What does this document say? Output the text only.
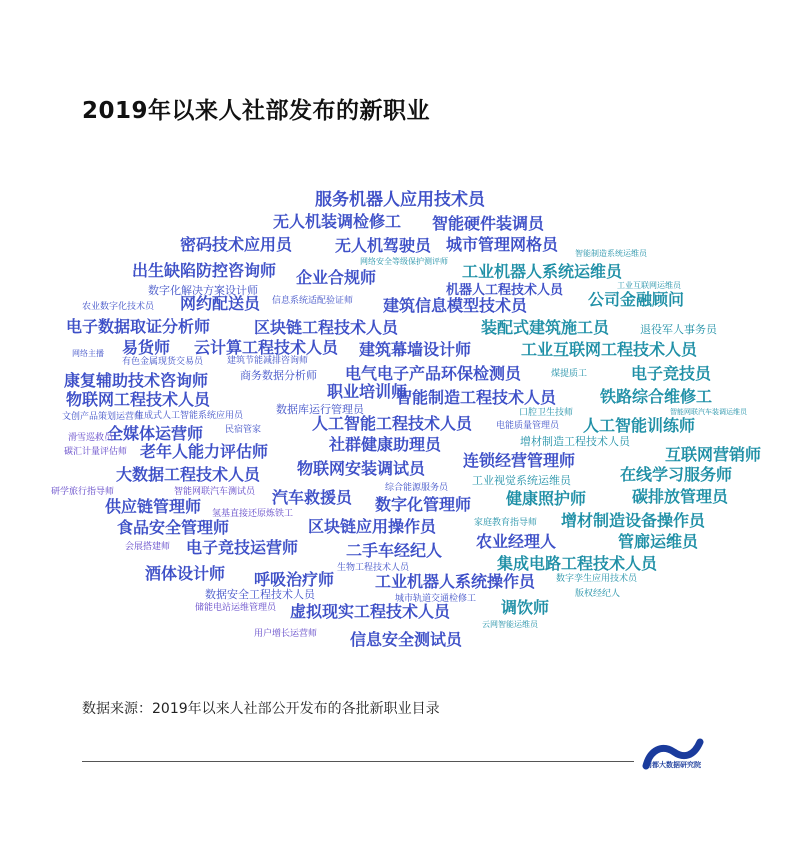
2019年以来人社部发布的新职业
服务机器人应用技术员
无人机装调检修工 智能硬件装调员
密码技术应用员	无人机驾驶员 城市管理网格员 智能制造系统运维员
出生缺陷防控咨询师	网络安全等级保护测评师
企业合规师	工业机器人系统运维员
数字化解决方案设计师	工业互联网运维员
机器人工程技术人员 公司金融顾问
农业数字化技术员 网约配送员 信息系统适配验证师 建筑信息模型技术员
电子数据取证分析师	区块链工程技术人员	装配式建筑施工员	退役军人事务员
易货师 云计算工程技术人员 建筑幕墙设计师	工业互联网工程技术人员
网络主播
有色金属现货交易员	建筑节能减排咨询师
康复辅助技术咨询师	商务数据分析师 电气电子产品环保检测员	煤提质工	电子竞技员
职业培训师
物联网工程技术人员
数据库运行管理员
智能制造工程技术人员	铁路综合维修工
文创产品策划运营师
生成式人工智能系统应用员	口腔卫生技师	智能网联汽车装调运维员
人工智能工程技术人员	电能质量管理员 人工智能训练师
全媒体运营师 民宿管家
滑雪巡救员	社群健康助理员	增材制造工程技术人员
碳汇计量评估师 老年人能力评估师	连锁经营管理师	互联网营销师
大数据工程技术人员 物联网安装调试员
工业视觉系统运维员	在线学习服务师
综合能源服务员
研学旅行指导师	智能网联汽车测试员 汽车救援员	健康照护师	碳排放管理员
供应链管理师	数字化管理师
氢基直接还原炼铁工
食品安全管理师	区块链应用操作员	家庭教育指导师 增材制造设备操作员
农业经理人
会展搭建师 电子竞技运营师	管廊运维员
二手车经纪人
集成电路工程技术人员
生物工程技术人员
酒体设计师 呼吸治疗师	工业机器人系统操作员 数字孪生应用技术员
数据安全工程技术人员	城市轨道交通检修工	版权经纪人
储能电站运维管理员 虚拟现实工程技术人员	调饮师
云网智能运维员
用户增长运营师 信息安全测试员
数据来源：2019年以来人社部公开发布的各批新职业目录
南都大数据研究院
